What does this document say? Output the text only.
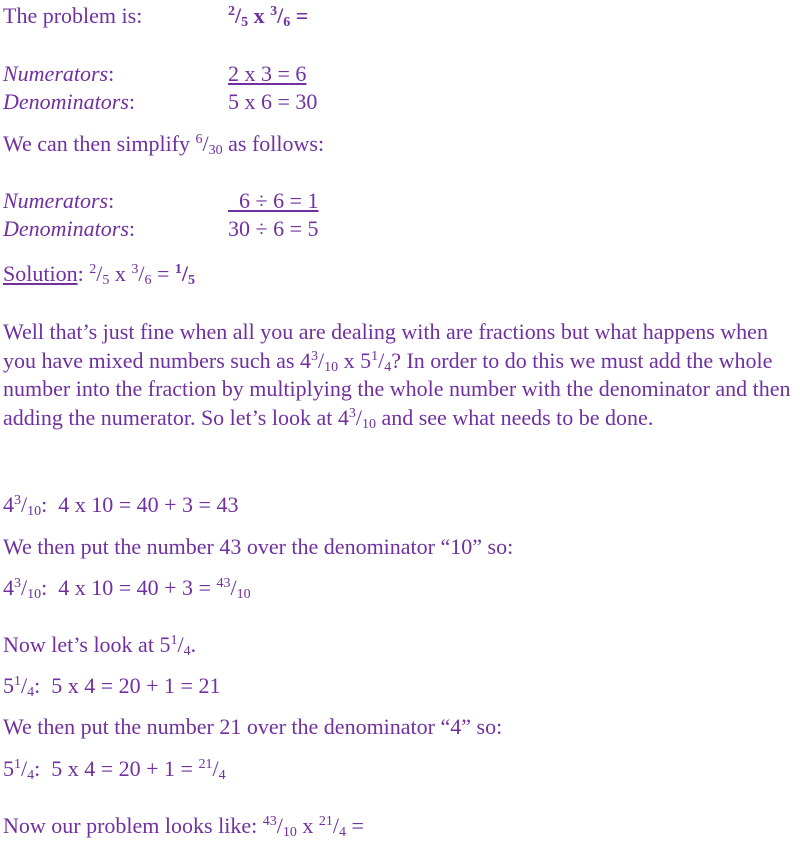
The problem is:	$^2/_5$ x $^3/_6$ =
Numerators:	2 x 3 = 6
Denominators:	5 x 6 = 30
We can then simplify $^6/_{30}$ as follows:
Numerators:	6 ÷ 6 = 1
Denominators:	30 ÷ 6 = 5
Solution: $^2/_5$ x $^3/_6 = ^1/_5$
Well that’s just fine when all you are dealing with are fractions but what happens when you have mixed numbers such as $4^3/_{10}$ x $5^1/_4$? In order to do this we must add the whole number into the fraction by multiplying the whole number with the denominator and then adding the numerator. So let’s look at $4^3/_{10}$ and see what needs to be done.
$4^3/_{10}$:  4 x 10 = 40 + 3 = 43
We then put the number 43 over the denominator “10” so:
$4^3/_{10}$:  4 x $10 = 40 + 3 = ^{43}/_{10}$
Now let’s look at $5^1/_4$.
$5^1/_4$:  5 x 4 = 20 + 1 = 21
We then put the number 21 over the denominator “4” so:
$5^1/_4$:  5 x $4 = 20 + 1 = ^{21}/_4$
Now our problem looks like: $^{43}/_{10}$ x $^{21}/_4$ =
